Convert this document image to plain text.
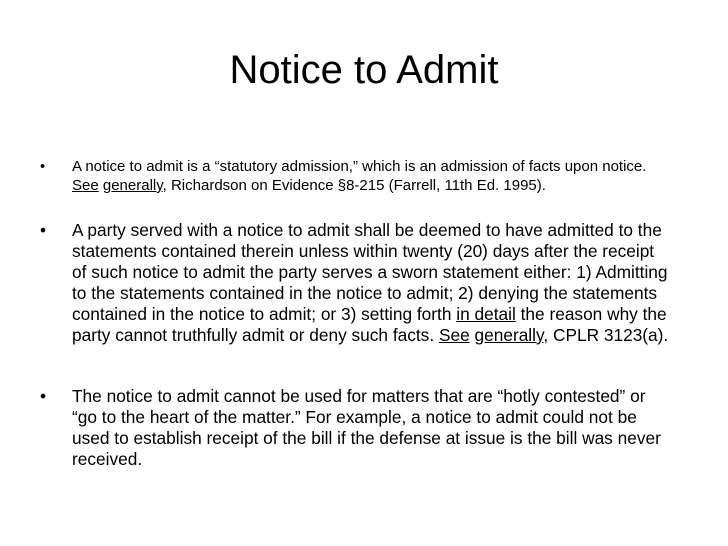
Notice to Admit
•	A notice to admit is a “statutory admission,” which is an admission of facts upon notice. See generally, Richardson on Evidence §8-215 (Farrell, 11th Ed. 1995).
•	A party served with a notice to admit shall be deemed to have admitted to the statements contained therein unless within twenty (20) days after the receipt of such notice to admit the party serves a sworn statement either: 1) Admitting to the statements contained in the notice to admit; 2) denying the statements contained in the notice to admit; or 3) setting forth in detail the reason why the party cannot truthfully admit or deny such facts. See generally, CPLR 3123(a).
•	The notice to admit cannot be used for matters that are “hotly contested” or “go to the heart of the matter.” For example, a notice to admit could not be used to establish receipt of the bill if the defense at issue is the bill was never received.
